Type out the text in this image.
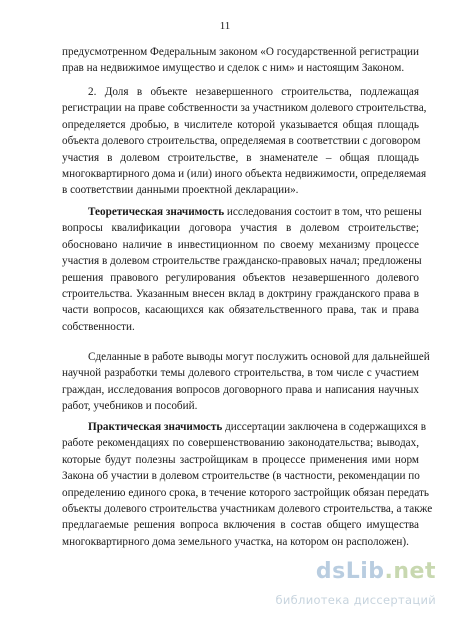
11
предусмотренном Федеральным законом «О государственной регистрации
прав на недвижимое имущество и сделок с ним» и настоящим Законом.
2. Доля в объекте незавершенного строительства, подлежащая
регистрации на праве собственности за участником долевого строительства,
определяется дробью, в числителе которой указывается общая площадь
объекта долевого строительства, определяемая в соответствии с договором
участия в долевом строительстве, в знаменателе – общая площадь
многоквартирного дома и (или) иного объекта недвижимости, определяемая
в соответствии данными проектной декларации».
Теоретическая значимость исследования состоит в том, что решены
вопросы квалификации договора участия в долевом строительстве;
обосновано наличие в инвестиционном по своему механизму процессе
участия в долевом строительстве гражданско-правовых начал; предложены
решения правового регулирования объектов незавершенного долевого
строительства. Указанным внесен вклад в доктрину гражданского права в
части вопросов, касающихся как обязательственного права, так и права
собственности.
Сделанные в работе выводы могут послужить основой для дальнейшей
научной разработки темы долевого строительства, в том числе с участием
граждан, исследования вопросов договорного права и написания научных
работ, учебников и пособий.
Практическая значимость диссертации заключена в содержащихся в
работе рекомендациях по совершенствованию законодательства; выводах,
которые будут полезны застройщикам в процессе применения ими норм
Закона об участии в долевом строительстве (в частности, рекомендации по
определению единого срока, в течение которого застройщик обязан передать
объекты долевого строительства участникам долевого строительства, а также
предлагаемые решения вопроса включения в состав общего имущества
многоквартирного дома земельного участка, на котором он расположен).
dsLib.net
библиотека диссертаций
